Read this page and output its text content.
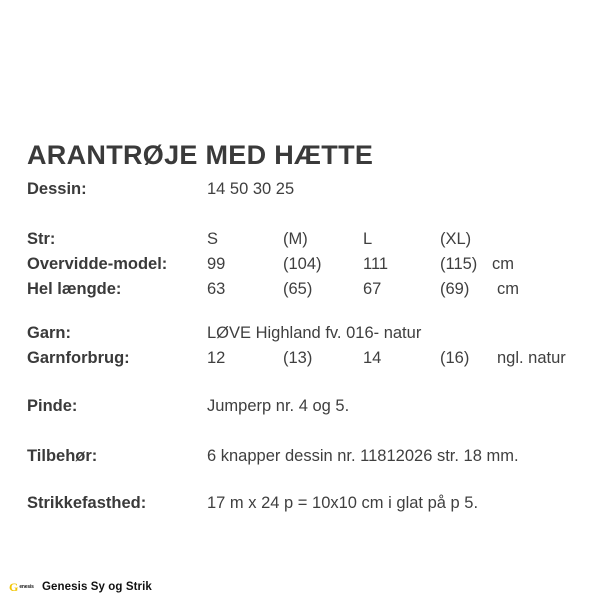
ARANTRØJE MED HÆTTE
Dessin:	14 50 30 25
Str:	S	(M)	L	(XL)
Overvidde-model: 99	(104)	111	(115) cm
Hel længde:	63	(65)	67	(69) cm
Garn:	LØVE Highland fv. 016- natur
Garnforbrug:	12	(13)	14	(16) ngl. natur
Pinde:	Jumperp nr. 4 og 5.
Tilbehør:	6 knapper dessin nr. 11812026 str. 18 mm.
Strikkefasthed:	17 m x 24 p = 10x10 cm i glat på p 5.
G enesis Genesis Sy og Strik
